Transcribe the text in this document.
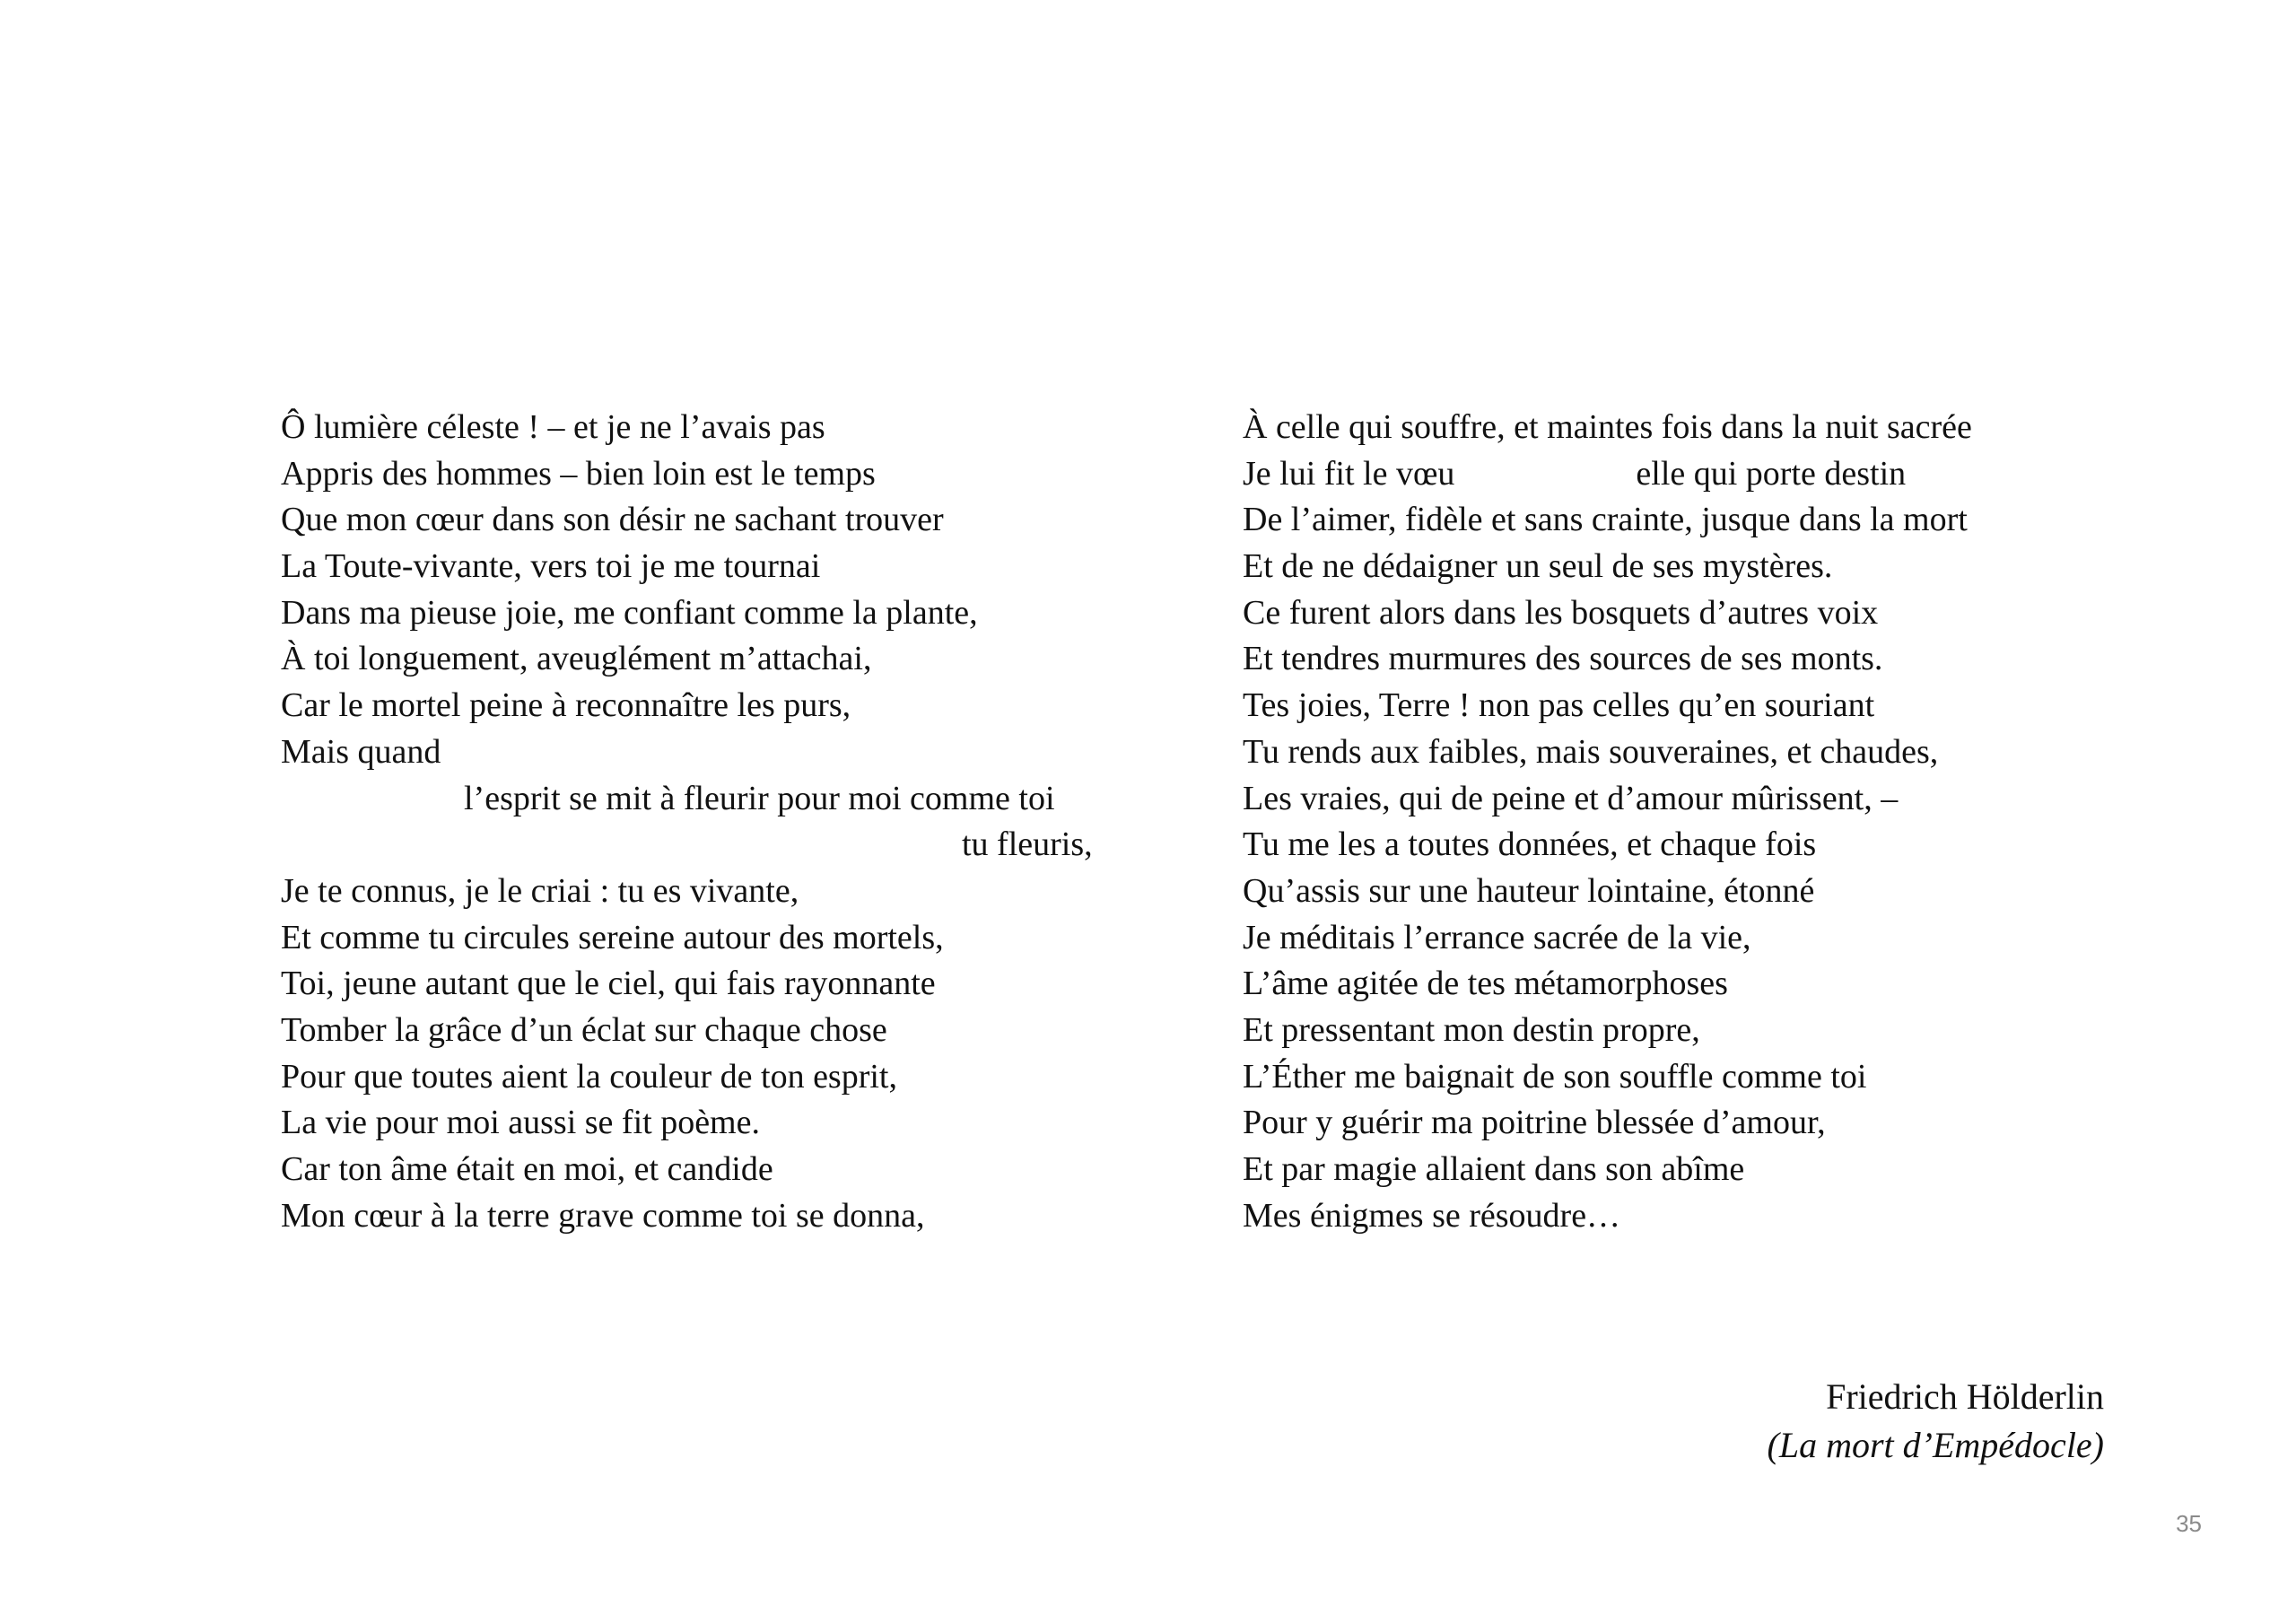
Ô lumière céleste ! – et je ne l’avais pas
Appris des hommes – bien loin est le temps
Que mon cœur dans son désir ne sachant trouver
La Toute-vivante, vers toi je me tournai
Dans ma pieuse joie, me confiant comme la plante,
À toi longuement, aveuglément m’attachai,
Car le mortel peine à reconnaître les purs,
Mais quand
l’esprit se mit à fleurir pour moi comme toi
tu fleuris,
Je te connus, je le criai : tu es vivante,
Et comme tu circules sereine autour des mortels,
Toi, jeune autant que le ciel, qui fais rayonnante
Tomber la grâce d’un éclat sur chaque chose
Pour que toutes aient la couleur de ton esprit,
La vie pour moi aussi se fit poème.
Car ton âme était en moi, et candide
Mon cœur à la terre grave comme toi se donna,
À celle qui souffre, et maintes fois dans la nuit sacrée
Je lui fit le vœu	elle qui porte destin
De l’aimer, fidèle et sans crainte, jusque dans la mort
Et de ne dédaigner un seul de ses mystères.
Ce furent alors dans les bosquets d’autres voix
Et tendres murmures des sources de ses monts.
Tes joies, Terre ! non pas celles qu’en souriant
Tu rends aux faibles, mais souveraines, et chaudes,
Les vraies, qui de peine et d’amour mûrissent, –
Tu me les a toutes données, et chaque fois
Qu’assis sur une hauteur lointaine, étonné
Je méditais l’errance sacrée de la vie,
L’âme agitée de tes métamorphoses
Et pressentant mon destin propre,
L’Éther me baignait de son souffle comme toi
Pour y guérir ma poitrine blessée d’amour,
Et par magie allaient dans son abîme
Mes énigmes se résoudre…
Friedrich Hölderlin
(La mort d’Empédocle)
35
